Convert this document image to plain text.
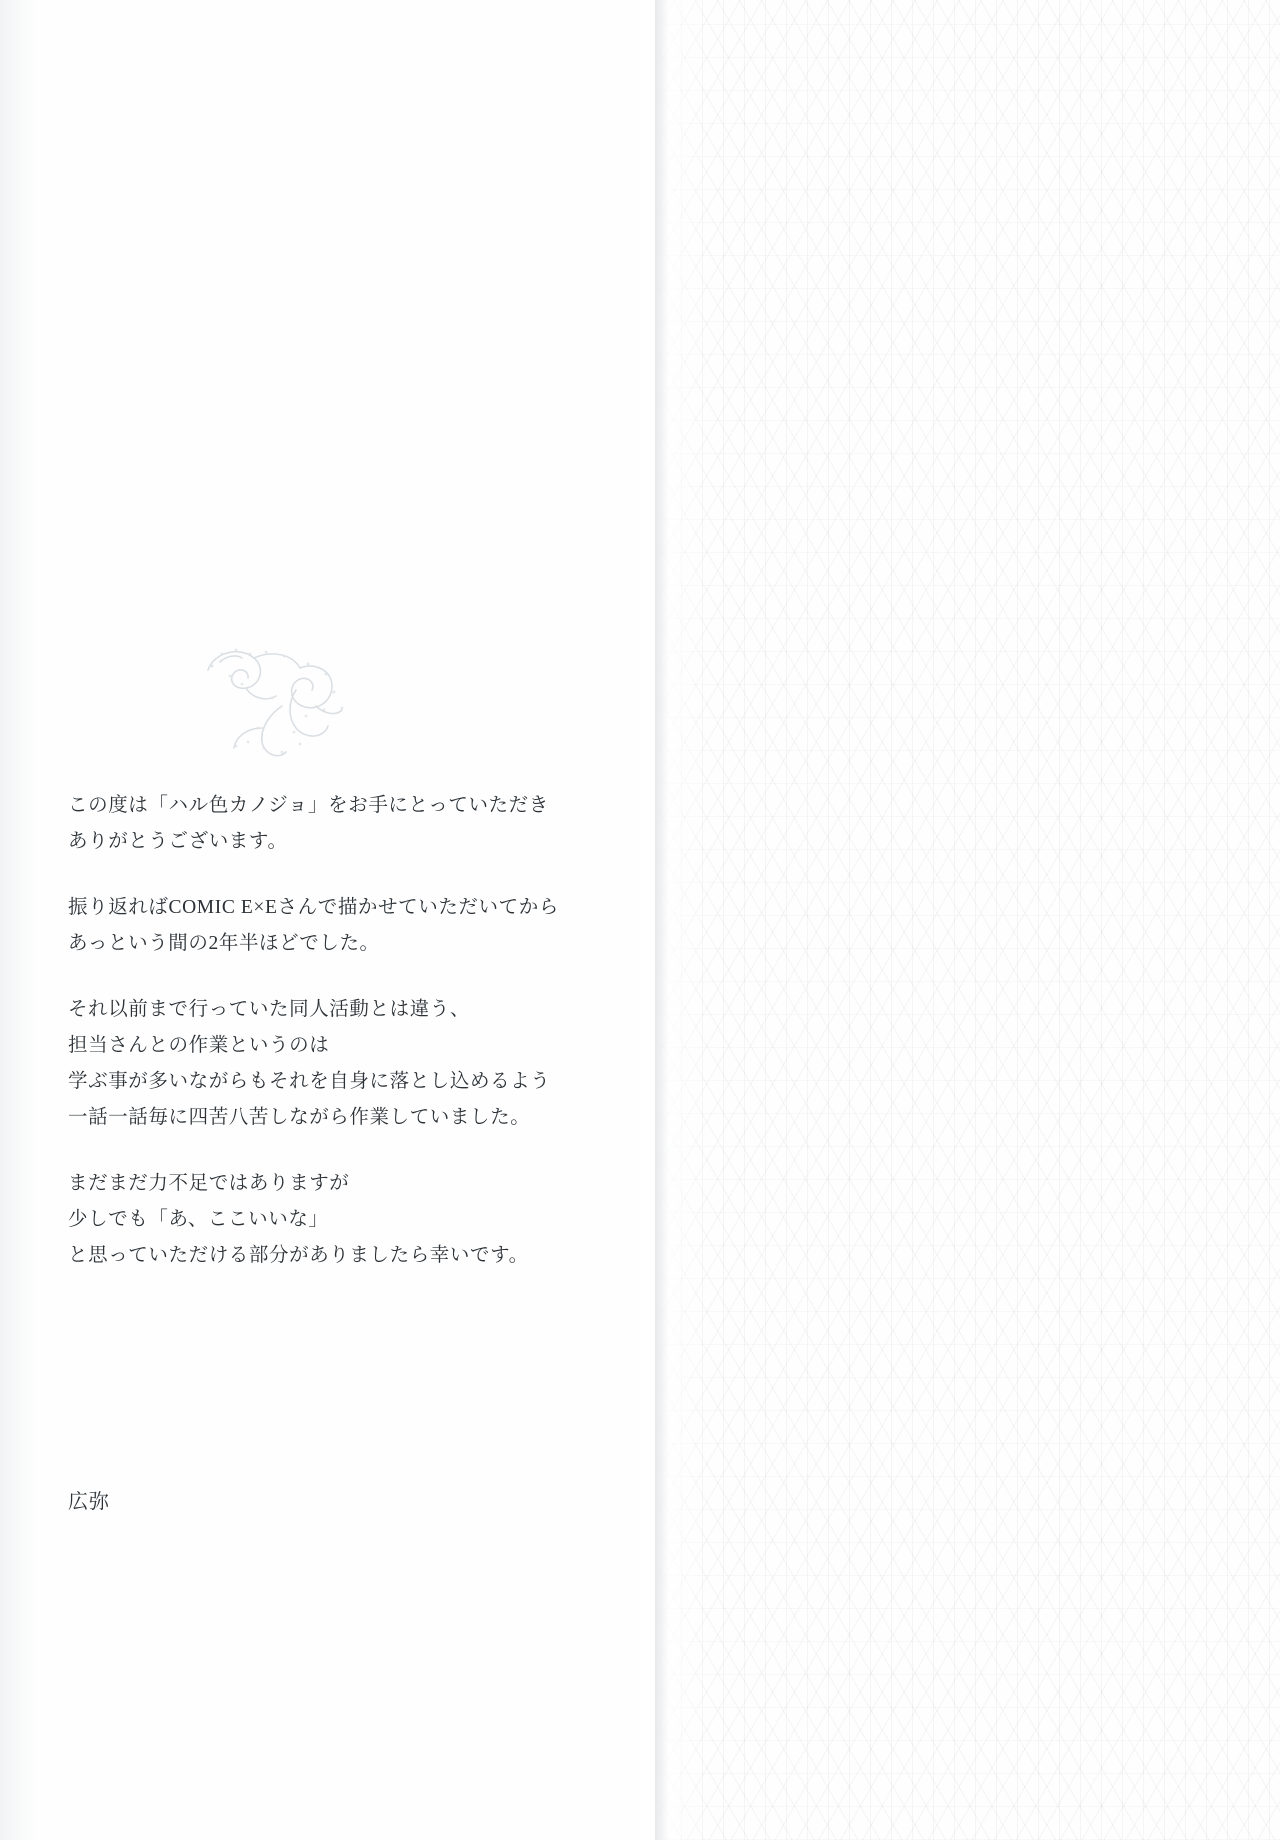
この度は「ハル色カノジョ」をお手にとっていただき
ありがとうございます。

振り返ればCOMIC E×Eさんで描かせていただいてから
あっという間の2年半ほどでした。

それ以前まで行っていた同人活動とは違う、
担当さんとの作業というのは
学ぶ事が多いながらもそれを自身に落とし込めるよう
一話一話毎に四苦八苦しながら作業していました。

まだまだ力不足ではありますが
少しでも「あ、ここいいな」
と思っていただける部分がありましたら幸いです。

広弥
